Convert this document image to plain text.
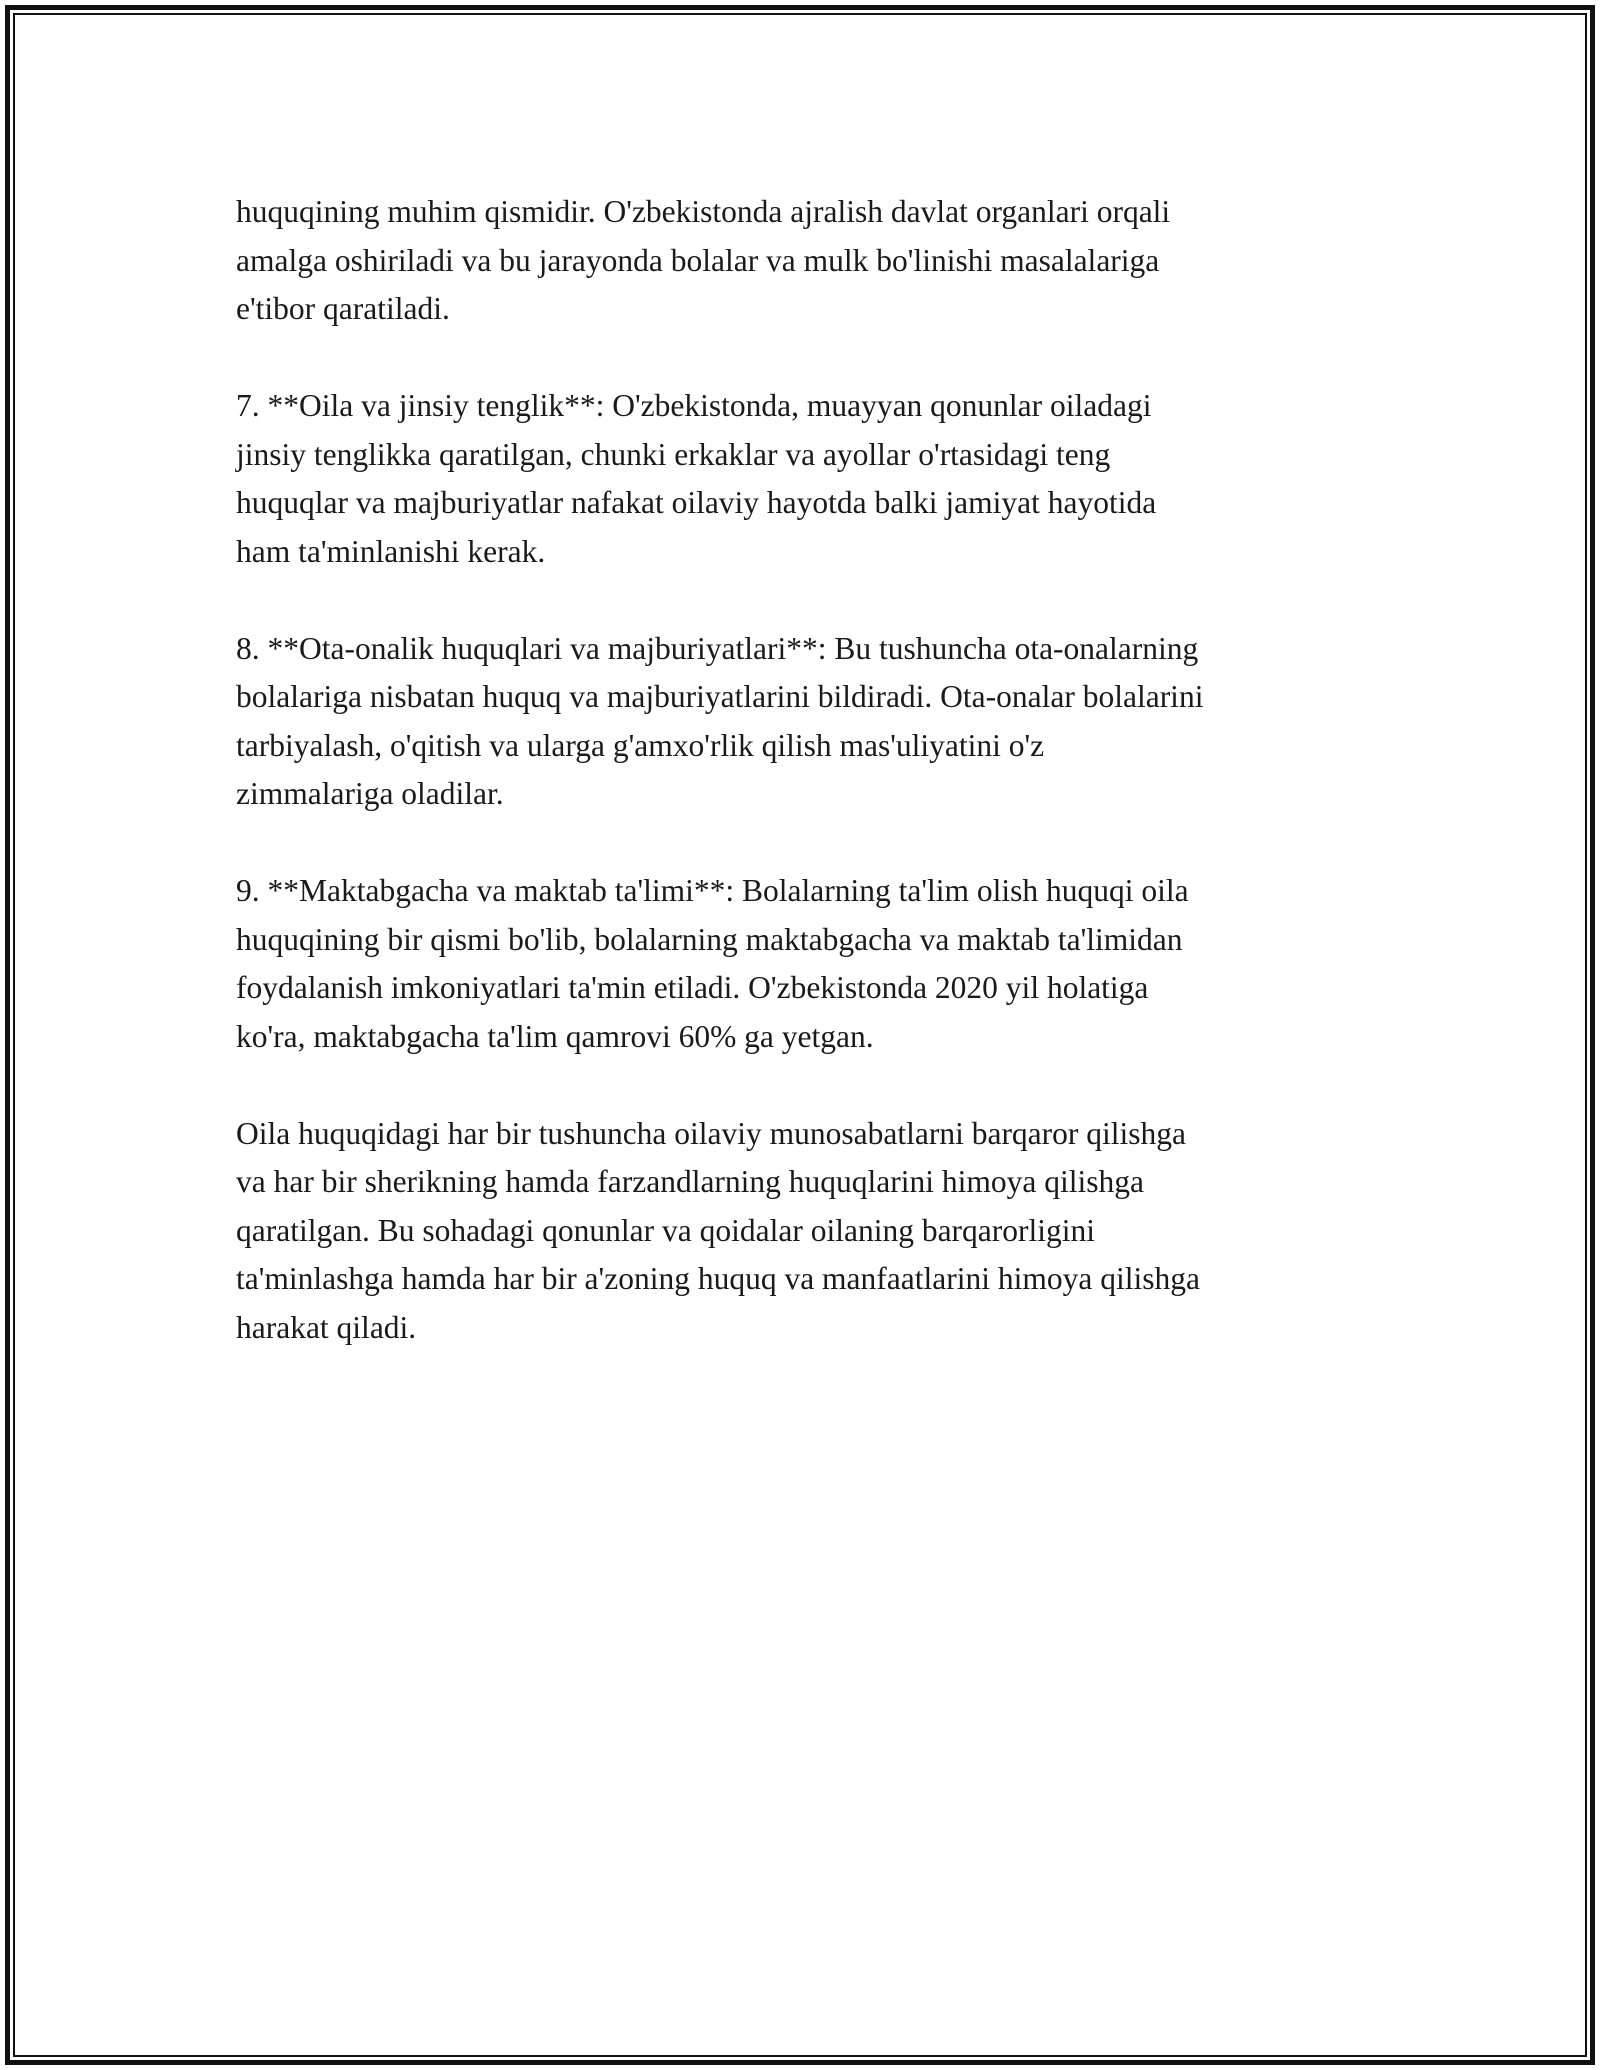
huquqining muhim qismidir. O'zbekistonda ajralish davlat organlari orqali
amalga oshiriladi va bu jarayonda bolalar va mulk bo'linishi masalalariga
e'tibor qaratiladi.

7. **Oila va jinsiy tenglik**: O'zbekistonda, muayyan qonunlar oiladagi
jinsiy tenglikka qaratilgan, chunki erkaklar va ayollar o'rtasidagi teng
huquqlar va majburiyatlar nafakat oilaviy hayotda balki jamiyat hayotida
ham ta'minlanishi kerak.

8. **Ota-onalik huquqlari va majburiyatlari**: Bu tushuncha ota-onalarning
bolalariga nisbatan huquq va majburiyatlarini bildiradi. Ota-onalar bolalarini
tarbiyalash, o'qitish va ularga g'amxo'rlik qilish mas'uliyatini o'z
zimmalariga oladilar.

9. **Maktabgacha va maktab ta'limi**: Bolalarning ta'lim olish huquqi oila
huquqining bir qismi bo'lib, bolalarning maktabgacha va maktab ta'limidan
foydalanish imkoniyatlari ta'min etiladi. O'zbekistonda 2020 yil holatiga
ko'ra, maktabgacha ta'lim qamrovi 60% ga yetgan.

Oila huquqidagi har bir tushuncha oilaviy munosabatlarni barqaror qilishga
va har bir sherikning hamda farzandlarning huquqlarini himoya qilishga
qaratilgan. Bu sohadagi qonunlar va qoidalar oilaning barqarorligini
ta'minlashga hamda har bir a'zoning huquq va manfaatlarini himoya qilishga
harakat qiladi.
